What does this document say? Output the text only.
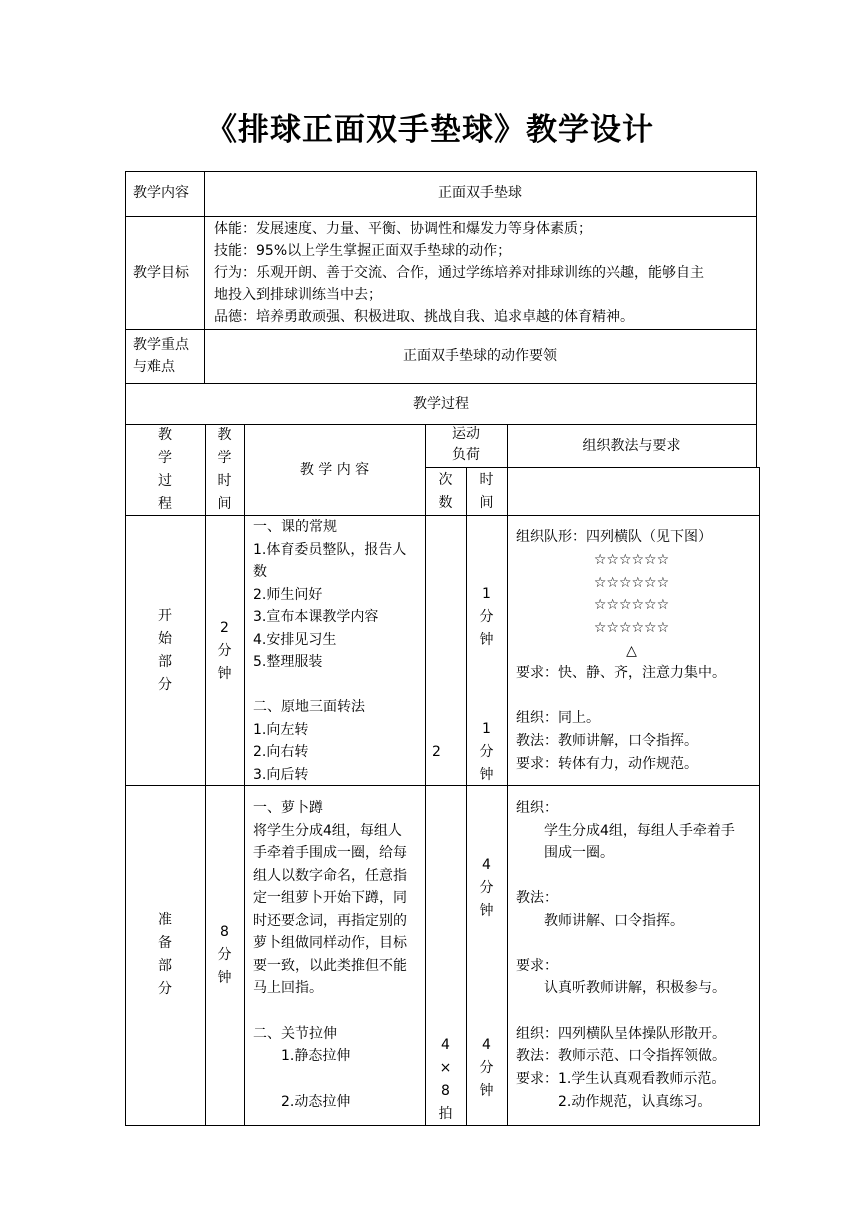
《排球正面双手垫球》教学设计
教学内容	正面双手垫球
教学目标
体能：发展速度、力量、平衡、协调性和爆发力等身体素质；
技能：95%以上学生掌握正面双手垫球的动作；
行为：乐观开朗、善于交流、合作，通过学练培养对排球训练的兴趣，能够自主
地投入到排球训练当中去；
品德：培养勇敢顽强、积极进取、挑战自我、追求卓越的体育精神。
教学重点
与难点
正面双手垫球的动作要领
教学过程
教
学
过
程
教
学
时
间
教 学 内 容
运动
负荷
次
数
时
间
组织教法与要求
开
始
部
分
2
分
钟
一、课的常规
1.体育委员整队，报告人
数
2.师生问好
3.宣布本课教学内容
4.安排见习生
5.整理服装
二、原地三面转法
1.向左转
2.向右转
3.向后转
2
1
分
钟
1
分
钟
组织队形：四列横队（见下图）
☆☆☆☆☆☆
☆☆☆☆☆☆
☆☆☆☆☆☆
☆☆☆☆☆☆
△
要求：快、静、齐，注意力集中。
组织：同上。
教法：教师讲解，口令指挥。
要求：转体有力，动作规范。
准
备
部
分
8
分
钟
一、萝卜蹲
将学生分成4组，每组人
手牵着手围成一圈，给每
组人以数字命名，任意指
定一组萝卜开始下蹲，同
时还要念词，再指定别的
萝卜组做同样动作，目标
要一致，以此类推但不能
马上回指。
二、关节拉伸
1.静态拉伸
2.动态拉伸
4
×
8
拍
4
分
钟
4
分
钟
组织：
　　学生分成4组，每组人手牵着手
　　围成一圈。
教法：
　　教师讲解、口令指挥。
要求：
　　认真听教师讲解，积极参与。
组织：四列横队呈体操队形散开。
教法：教师示范、口令指挥领做。
要求：1.学生认真观看教师示范。
　　　2.动作规范，认真练习。
